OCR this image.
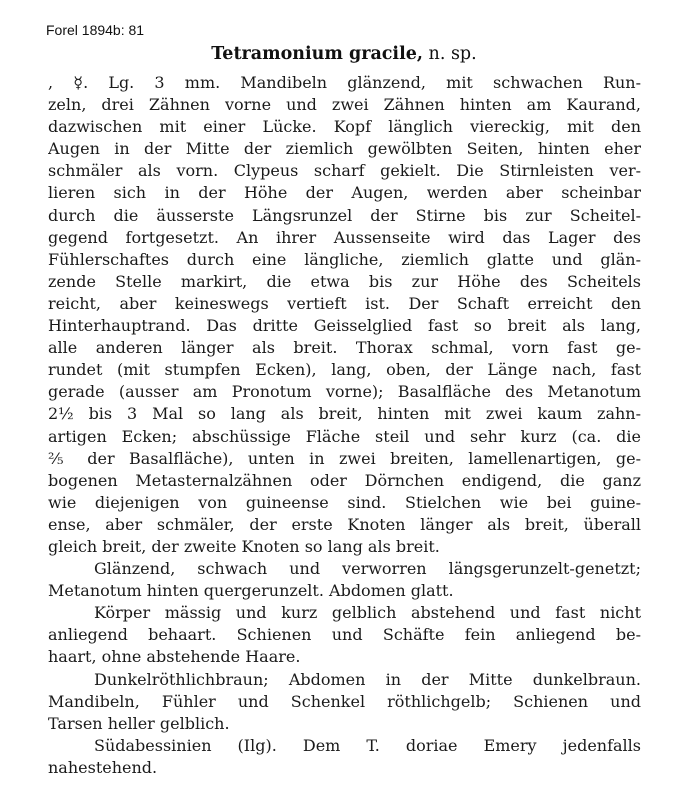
Forel 1894b: 81
Tetramonium gracile, n. sp.
, ☿. Lg. 3 mm. Mandibeln glänzend, mit schwachen Run-
zeln, drei Zähnen vorne und zwei Zähnen hinten am Kaurand,
dazwischen mit einer Lücke. Kopf länglich viereckig, mit den
Augen in der Mitte der ziemlich gewölbten Seiten, hinten eher
schmäler als vorn. Clypeus scharf gekielt. Die Stirnleisten ver-
lieren sich in der Höhe der Augen, werden aber scheinbar
durch die äusserste Längsrunzel der Stirne bis zur Scheitel-
gegend fortgesetzt. An ihrer Aussenseite wird das Lager des
Fühlerschaftes durch eine längliche, ziemlich glatte und glän-
zende Stelle markirt, die etwa bis zur Höhe des Scheitels
reicht, aber keineswegs vertieft ist. Der Schaft erreicht den
Hinterhauptrand. Das dritte Geisselglied fast so breit als lang,
alle anderen länger als breit. Thorax schmal, vorn fast ge-
rundet (mit stumpfen Ecken), lang, oben, der Länge nach, fast
gerade (ausser am Pronotum vorne); Basalfläche des Metanotum
2½ bis 3 Mal so lang als breit, hinten mit zwei kaum zahn-
artigen Ecken; abschüssige Fläche steil und sehr kurz (ca. die
⅖ der Basalfläche), unten in zwei breiten, lamellenartigen, ge-
bogenen Metasternalzähnen oder Dörnchen endigend, die ganz
wie diejenigen von guineense sind. Stielchen wie bei guine-
ense, aber schmäler, der erste Knoten länger als breit, überall
gleich breit, der zweite Knoten so lang als breit.
Glänzend, schwach und verworren längsgerunzelt-genetzt;
Metanotum hinten quergerunzelt. Abdomen glatt.
Körper mässig und kurz gelblich abstehend und fast nicht
anliegend behaart. Schienen und Schäfte fein anliegend be-
haart, ohne abstehende Haare.
Dunkelröthlichbraun; Abdomen in der Mitte dunkelbraun.
Mandibeln, Fühler und Schenkel röthlichgelb; Schienen und
Tarsen heller gelblich.
Südabessinien (Ilg). Dem T. doriae Emery jedenfalls
nahestehend.
